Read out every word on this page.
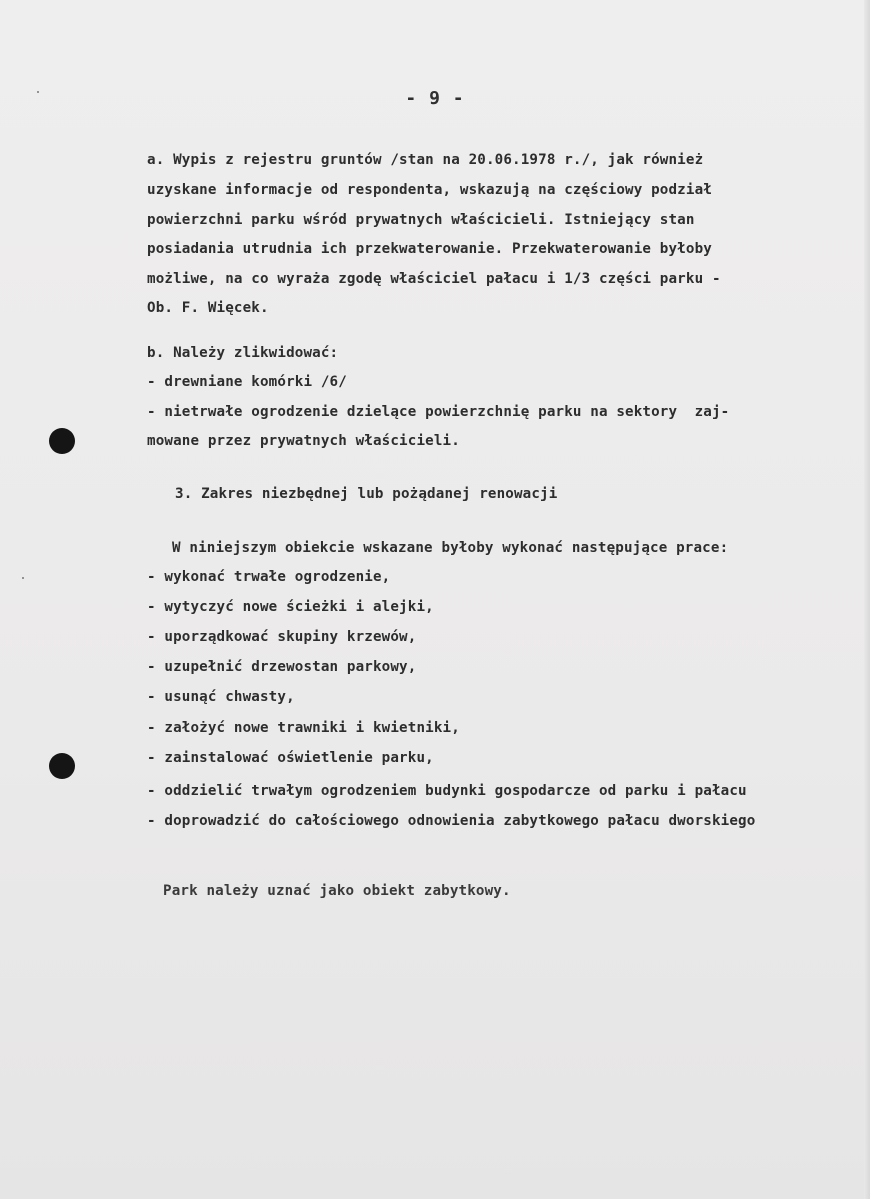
- 9 -
a. Wypis z rejestru gruntów /stan na 20.06.1978 r./, jak również
uzyskane informacje od respondenta, wskazują na częściowy podział
powierzchni parku wśród prywatnych właścicieli. Istniejący stan
posiadania utrudnia ich przekwaterowanie. Przekwaterowanie byłoby
możliwe, na co wyraża zgodę właściciel pałacu i 1/3 części parku -
Ob. F. Więcek.
b. Należy zlikwidować:
- drewniane komórki /6/
- nietrwałe ogrodzenie dzielące powierzchnię parku na sektory  zaj-
mowane przez prywatnych właścicieli.
3. Zakres niezbędnej lub pożądanej renowacji
W niniejszym obiekcie wskazane byłoby wykonać następujące prace:
- wykonać trwałe ogrodzenie,
- wytyczyć nowe ścieżki i alejki,
- uporządkować skupiny krzewów,
- uzupełnić drzewostan parkowy,
- usunąć chwasty,
- założyć nowe trawniki i kwietniki,
- zainstalować oświetlenie parku,
- oddzielić trwałym ogrodzeniem budynki gospodarcze od parku i pałacu
- doprowadzić do całościowego odnowienia zabytkowego pałacu dworskiego
Park należy uznać jako obiekt zabytkowy.
